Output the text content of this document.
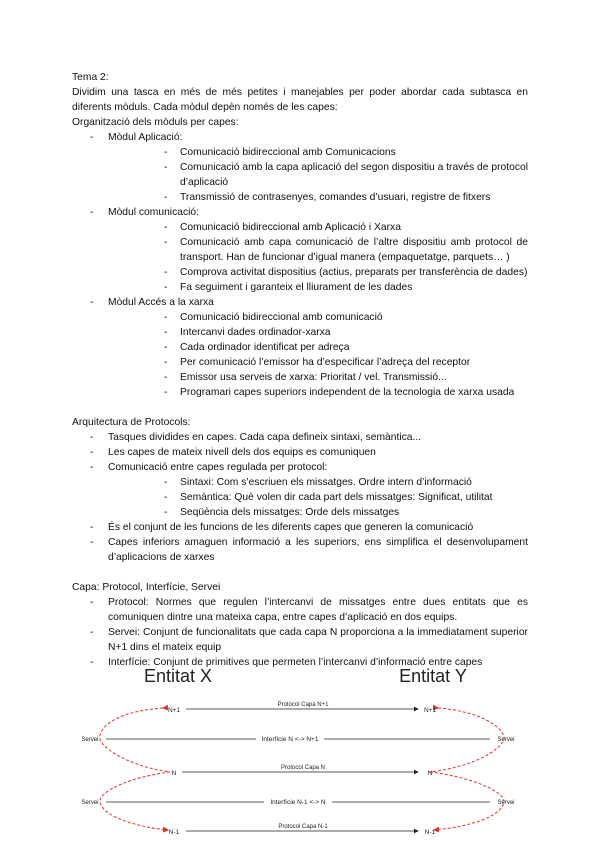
Tema 2:

Dividim una tasca en més de més petites i manejables per poder abordar cada subtasca en diferents mòduls. Cada mòdul depèn només de les capes:

Organització dels mòduls per capes:

- Mòdul Aplicació:
- Comunicació bidireccional amb Comunicacions
- Comunicació amb la capa aplicació del segon dispositiu a través de protocol d’aplicació
- Transmissió de contrasenyes, comandes d’usuari, registre de fitxers
- Mòdul comunicació:
- Comunicació bidireccional amb Aplicació i Xarxa
- Comunicació amb capa comunicació de l’altre dispositiu amb protocol de transport. Han de funcionar d’igual manera (empaquetatge, parquets… )
- Comprova activitat dispositius (actius, preparats per transferència de dades)
- Fa seguiment i garanteix el lliurament de les dades
- Mòdul Accés a la xarxa
- Comunicació bidireccional amb comunicació
- Intercanvi dades ordinador-xarxa
- Cada ordinador identificat per adreça
- Per comunicació l’emissor ha d’especificar l’adreça del receptor
- Emissor usa serveis de xarxa: Prioritat / vel. Transmissió...
- Programari capes superiors independent de la tecnologia de xarxa usada

Arquitectura de Protocols:

- Tasques dividides en capes. Cada capa defineix sintaxi, semàntica...
- Les capes de mateix nivell dels dos equips es comuniquen
- Comunicació entre capes regulada per protocol:
- Sintaxi: Com s’escriuen els missatges. Ordre intern d’informació
- Semàntica: Què volen dir cada part dels missatges: Significat, utilitat
- Seqüència dels missatges: Orde dels missatges
- És el conjunt de les funcions de les diferents capes que generen la comunicació
- Capes inferiors amaguen informació a les superiors, ens simplifica el desenvolupament d’aplicacions de xarxes

Capa: Protocol, Interfície, Servei

- Protocol: Normes que regulen l’intercanvi de missatges entre dues entitats que es comuniquen dintre una mateixa capa, entre capes d’aplicació en dos equips.
- Servei: Conjunt de funcionalitats que cada capa N proporciona a la immediatament superior N+1 dins el mateix equip
- Interfície: Conjunt de primitives que permeten l’intercanvi d’informació entre capes
Entitat X	Entitat Y
N+1
Protocol Capa N+1
N+1
Servei	Interfície N <-> N+1	Servei
N
Protocol Capa N
N
Servei	Interfície N-1 <-> N	Servei
N-1
Protocol Capa N-1
N-1
